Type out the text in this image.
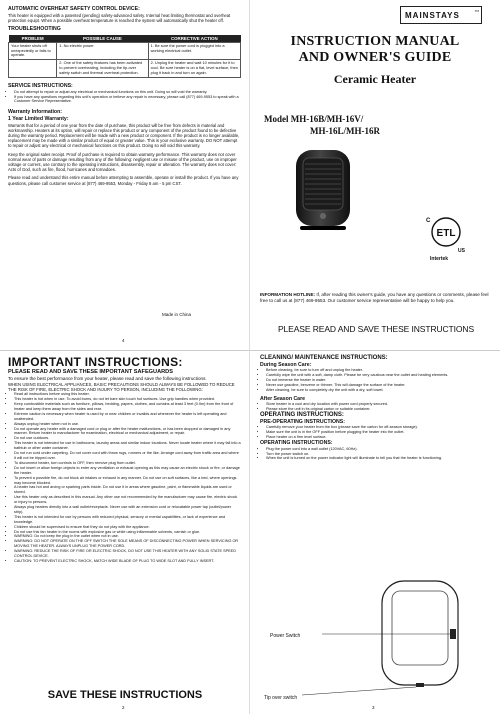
AUTOMATIC OVERHEAT SAFETY CONTROL DEVICE:
This heater is equipped with a patented (pending) safety-advanced safety. Internal heat limiting thermostat and overheat protection equipt. When a possible overheat temperature is reached the system will automatically shut the heater off.
TROUBLESHOOTING
PROBLEM	POSSIBLE CAUSE	CORRECTIVE ACTION
Your heater shuts off unexpectedly or fails to operate.	1. No electric power.	1. Be sure the power cord is plugged into a working electrical outlet.
	2. One of the safety features has been activated to prevent overheating, including the tip-over safety switch and thermal overheat protection.	2. Unplug the heater and wait 10 minutes for it to cool. Be sure heater is on a flat, level surface, then plug it back in and turn on again.
SERVICE INSTRUCTIONS:
• Do not attempt to repair or adjust any electrical or mechanical functions on this unit. Doing so will void the warranty.
• If you have any questions regarding this unit's operation or believe any repair is necessary, please call (877) 469-9553 to speak with a Customer Service Representative.
Warranty Information:
1 Year Limited Warranty:
Warrants that for a period of one year from the date of purchase, this product will be free from defects in material and workmanship. Heaters at its option, will repair or replace this product or any component of the product found to be defective during the warranty period. Replacement will be made with a new product or component. If the product is no longer available, replacement may be made with a similar product of equal or greater value. This is your exclusive warranty. DO NOT attempt to repair or adjust any electrical or mechanical functions on this product. Doing so will void this warranty.
Keep the original sales receipt. Proof of purchase is required to obtain warranty performance. This warranty does not cover normal wear of parts or damage resulting from any of the following: negligent use or misuse of the product, use on improper voltage or current, use contrary to the operating instructions, disassembly, repair or alteration. The warranty does not cover: Acts of God, such as fire, flood, hurricanes and tornadoes.
Please read and understand this entire manual before attempting to assemble, operate or install the product. If you have any questions, please call customer service at (877) 469-9553, Monday - Friday 8 am - 5 pm CST.
Made in China
4
MAINSTAYS	TM
INSTRUCTION MANUAL
AND OWNER'S GUIDE
Ceramic Heater
Model MH-16B/MH-16V/
MH-16L/MH-16R
ETL
C
US
Intertek
INFORMATION HOTLINE: If, after reading this owner's guide, you have any questions or comments, please feel free to call us at (877) 469-9553. Our customer service representative will be happy to help you.
PLEASE READ AND SAVE THESE INSTRUCTIONS
IMPORTANT INSTRUCTIONS:
PLEASE READ AND SAVE THESE IMPORTANT SAFEGUARDS
To ensure the best performance from your heater, please read and save the following instructions.
WHEN USING ELECTRICAL APPLIANCES, BASIC PRECAUTIONS SHOULD ALWAYS BE FOLLOWED TO REDUCE THE RISK OF FIRE, ELECTRIC SHOCK AND INJURY TO PERSON, INCLUDING THE FOLLOWING:
• Read all instructions before using this heater.
• This heater is hot when in use. To avoid burns, do not let bare skin touch hot surfaces. Use grip handles when provided.
• Keep combustible materials such as furniture, pillows, bedding, papers, clothes, and curtains at least 3 feet (0.9m) from the front of heater and keep them away from the sides and rear.
• Extreme caution is necessary when heater is used by or near children or invalids and whenever the heater is left operating and unattended.
• Always unplug heater when not in use.
• Do not operate any heater with a damaged cord or plug or after the heater malfunctions, or has been dropped or damaged in any manner. Return heater to manufacturer for examination, electrical or mechanical adjustment, or repair.
• Do not use outdoors.
• This heater is not intended for use in bathrooms, laundry areas and similar indoor locations. Never locate heater where it may fall into a bathtub or other water container.
• Do not run cord under carpeting. Do not cover cord with throw rugs, runners or the like. Arrange cord away from traffic area and where it will not be tripped over.
• To disconnect heater, turn controls to OFF, then remove plug from outlet.
• Do not insert or allow foreign objects to enter any ventilation or exhaust opening as this may cause an electric shock or fire, or damage the heater.
• To prevent a possible fire, do not block air intakes or exhaust in any manner. Do not use on soft surfaces, like a bed, where openings may become blocked.
• A heater has hot and arcing or sparking parts inside. Do not use it in areas where gasoline, paint, or flammable liquids are used or stored.
• Use this heater only as described in this manual. Any other use not recommended by the manufacturer may cause fire, electric shock or injury to persons.
• Always plug heaters directly into a wall outlet/receptacle. Never use with an extension cord or relocatable power tap (outlet/power strip).
• This heater is not intended for use by persons with reduced physical, sensory or mental capabilities, or lack of experience and knowledge.
• Children should be supervised to ensure that they do not play with the appliance.
• Do not use this fan heater in the rooms with explosive gas or while using inflammable solvents, varnish or glue.
• WARNING: Do not keep the plug in the outlet when not in use.
• WARNING: DO NOT OPERATE ON THE OFF SWITCH THE SOLE MEANS OF DISCONNECTING POWER WHEN SERVICING OR MOVING THE HEATER. ALWAYS UNPLUG THE POWER CORD.
• WARNING: REDUCE THE RISK OF FIRE OR ELECTRIC SHOCK, DO NOT USE THIS HEATER WITH ANY SOLID STATE SPEED CONTROL DEVICE.
• CAUTION: TO PREVENT ELECTRIC SHOCK, MATCH WIDE BLADE OF PLUG TO WIDE SLOT AND FULLY INSERT.
SAVE THESE INSTRUCTIONS
2
CLEANING/ MAINTENANCE INSTRUCTIONS:
During Season Care:
• Before cleaning, be sure to turn off and unplug the heater.
• Carefully wipe the unit with a soft, damp cloth. Please be very cautious near the outlet and heating elements.
• Do not immerse the heater in water.
• Never use gasoline, benzene or thinner. This will damage the surface of the heater.
• After cleaning, be sure to completely dry the unit with a dry, soft towel.
After Season Care
• Store heater in a cool and dry location with power cord properly secured.
• Please store the unit in its original carton or suitable container.
OPERATING INSTRUCTIONS:
PRE-OPERATING INSTRUCTIONS:
• Carefully remove your heater from the box (please save the carton for off-season storage).
• Make sure the unit is in the OFF position before plugging the heater into the outlet.
• Place heater on a firm level surface.
OPERATING INSTRUCTIONS:
• Plug the power cord into a wall outlet (120VAC, 60Hz).
• Turn the power switch on.
• When the unit is turned on the power indicator light will illuminate to tell you that the heater is functioning.
Power Switch
Tip over switch
3
